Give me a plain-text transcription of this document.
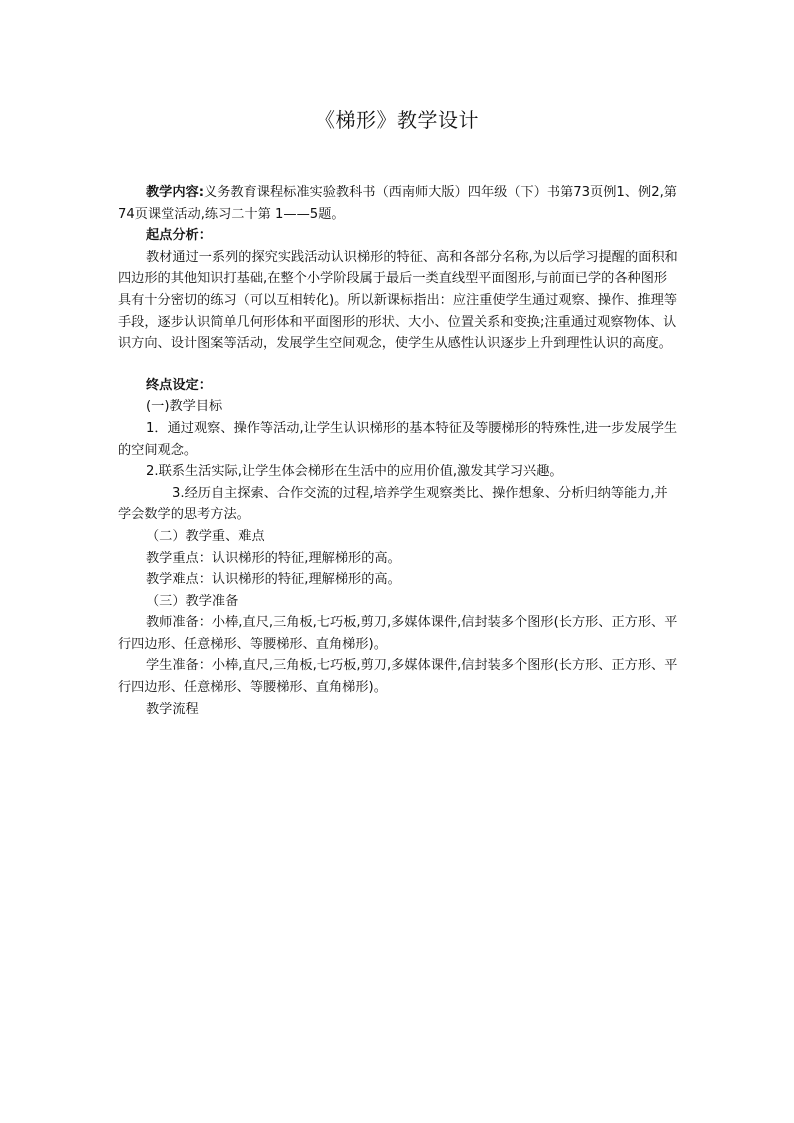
《梯形》教学设计

教学内容:义务教育课程标准实验教科书（西南师大版）四年级（下）书第73页例1、例2,第74页课堂活动,练习二十第 1——5题。

起点分析：

教材通过一系列的探究实践活动认识梯形的特征、高和各部分名称,为以后学习提醒的面积和四边形的其他知识打基础,在整个小学阶段属于最后一类直线型平面图形,与前面已学的各种图形具有十分密切的练习（可以互相转化)。所以新课标指出：应注重使学生通过观察、操作、推理等手段，逐步认识简单几何形体和平面图形的形状、大小、位置关系和变换;注重通过观察物体、认识方向、设计图案等活动，发展学生空间观念，使学生从感性认识逐步上升到理性认识的高度。

终点设定：

(一)教学目标

1．通过观察、操作等活动,让学生认识梯形的基本特征及等腰梯形的特殊性,进一步发展学生的空间观念。

2.联系生活实际,让学生体会梯形在生活中的应用价值,激发其学习兴趣。

3.经历自主探索、合作交流的过程,培养学生观察类比、操作想象、分析归纳等能力,并学会数学的思考方法。

（二）教学重、难点

教学重点：认识梯形的特征,理解梯形的高。

教学难点：认识梯形的特征,理解梯形的高。

（三）教学准备

教师准备：小棒,直尺,三角板,七巧板,剪刀,多媒体课件,信封装多个图形(长方形、正方形、平行四边形、任意梯形、等腰梯形、直角梯形)。

学生准备：小棒,直尺,三角板,七巧板,剪刀,多媒体课件,信封装多个图形(长方形、正方形、平行四边形、任意梯形、等腰梯形、直角梯形)。

教学流程
